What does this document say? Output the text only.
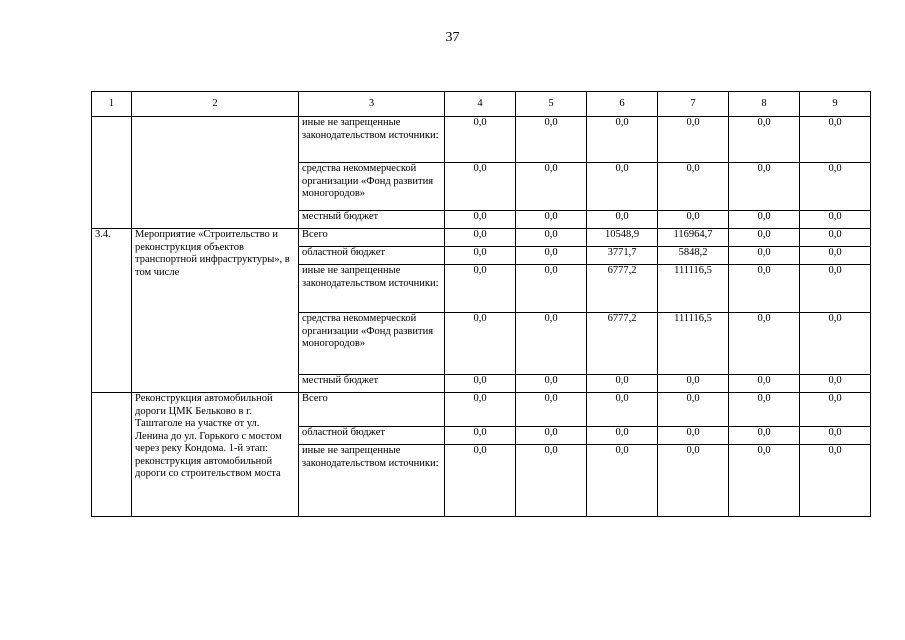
37
1	2	3	4	5	6	7	8	9
		иные не запрещенные законодательством источники:	0,0	0,0	0,0	0,0	0,0	0,0
		средства некоммерческой организации «Фонд развития моногородов»	0,0	0,0	0,0	0,0	0,0	0,0
		местный бюджет	0,0	0,0	0,0	0,0	0,0	0,0
3.4.	Мероприятие «Строительство и реконструкция объектов транспортной инфраструктуры», в том числе	Всего	0,0	0,0	10548,9	116964,7	0,0	0,0
		областной бюджет	0,0	0,0	3771,7	5848,2	0,0	0,0
		иные не запрещенные законодательством источники:	0,0	0,0	6777,2	111116,5	0,0	0,0
		средства некоммерческой организации «Фонд развития моногородов»	0,0	0,0	6777,2	111116,5	0,0	0,0
		местный бюджет	0,0	0,0	0,0	0,0	0,0	0,0
	Реконструкция автомобильной дороги ЦМК Бельково в г. Таштаголе на участке от ул. Ленина до ул. Горького с мостом через реку Кондома. 1-й этап: реконструкция автомобильной дороги со строительством моста	Всего	0,0	0,0	0,0	0,0	0,0	0,0
		областной бюджет	0,0	0,0	0,0	0,0	0,0	0,0
		иные не запрещенные законодательством источники:	0,0	0,0	0,0	0,0	0,0	0,0
